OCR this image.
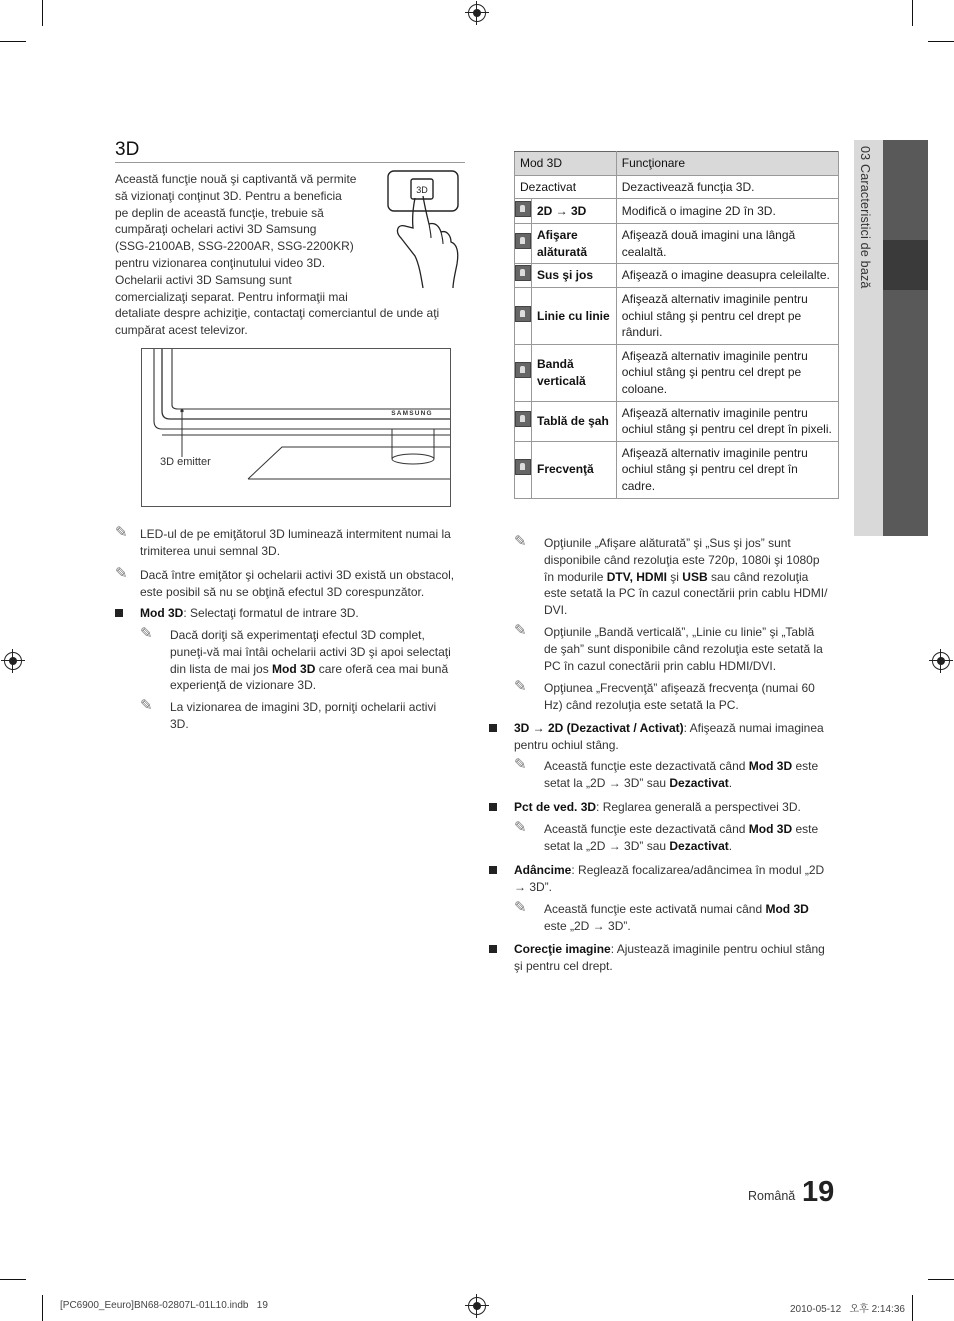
3D
Această funcţie nouă şi captivantă vă permite
să vizionaţi conţinut 3D. Pentru a beneficia
pe deplin de această funcţie, trebuie să
cumpăraţi ochelari activi 3D Samsung
(SSG-2100AB, SSG-2200AR, SSG-2200KR)
pentru vizionarea conţinutului video 3D.
Ochelarii activi 3D Samsung sunt
comercializaţi separat. Pentru informaţii mai
detaliate despre achiziţie, contactaţi comerciantul de unde aţi
cumpărat acest televizor.
3D
SAMSUNG
3D emitter
✎ LED-ul de pe emiţătorul 3D luminează intermitent numai la
trimiterea unui semnal 3D.
✎ Dacă între emiţător şi ochelarii activi 3D există un obstacol,
este posibil să nu se obţină efectul 3D corespunzător.
Mod 3D: Selectaţi formatul de intrare 3D.
✎ Dacă doriţi să experimentaţi efectul 3D complet,
puneţi-vă mai întâi ochelarii activi 3D şi apoi selectaţi
din lista de mai jos Mod 3D care oferă cea mai bună
experienţă de vizionare 3D.
✎ La vizionarea de imagini 3D, porniţi ochelarii activi
3D.
Mod 3D		Funcţionare
Dezactivat		Dezactivează funcţia 3D.
	2D → 3D	Modifică o imagine 2D în 3D.
	Afişare alăturată	Afişează două imagini una lângă cealaltă.
	Sus şi jos	Afişează o imagine deasupra celeilalte.
	Linie cu linie	Afişează alternativ imaginile pentru ochiul stâng şi pentru cel drept pe rânduri.
	Bandă verticală	Afişează alternativ imaginile pentru ochiul stâng şi pentru cel drept pe coloane.
	Tablă de şah	Afişează alternativ imaginile pentru ochiul stâng şi pentru cel drept în pixeli.
	Frecvenţă	Afişează alternativ imaginile pentru ochiul stâng şi pentru cel drept în cadre.
✎ Opţiunile „Afişare alăturată” şi „Sus şi jos” sunt
disponibile când rezoluţia este 720p, 1080i şi 1080p
în modurile DTV, HDMI şi USB sau când rezoluţia
este setată la PC în cazul conectării prin cablu HDMI/
DVI.
✎ Opţiunile „Bandă verticală”, „Linie cu linie” şi „Tablă
de şah” sunt disponibile când rezoluţia este setată la
PC în cazul conectării prin cablu HDMI/DVI.
✎ Opţiunea „Frecvenţă” afişează frecvenţa (numai 60
Hz) când rezoluţia este setată la PC.
3D → 2D (Dezactivat / Activat): Afişează numai imaginea
pentru ochiul stâng.
✎ Această funcţie este dezactivată când Mod 3D este
setat la „2D → 3D” sau Dezactivat.
Pct de ved. 3D: Reglarea generală a perspectivei 3D.
✎ Această funcţie este dezactivată când Mod 3D este
setat la „2D → 3D” sau Dezactivat.
Adâncime: Reglează focalizarea/adâncimea în modul „2D
→ 3D”.
✎ Această funcţie este activată numai când Mod 3D
este „2D → 3D”.
Corecţie imagine: Ajustează imaginile pentru ochiul stâng
şi pentru cel drept.
03 Caracteristici de bază
Română 19
[PC6900_Eeuro]BN68-02807L-01L10.indb   19	2010-05-12   오후 2:14:36
